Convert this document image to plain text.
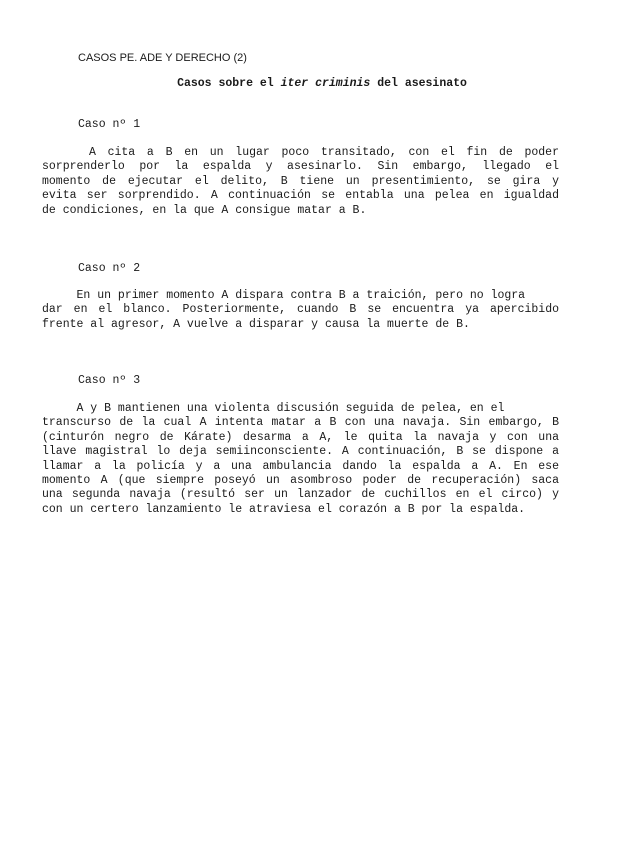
CASOS PE. ADE Y DERECHO (2)
Casos sobre el iter criminis del asesinato
Caso nº 1
A cita a B en un lugar poco transitado, con el fin de poder
sorprenderlo por la espalda y asesinarlo. Sin embargo, llegado el
momento de ejecutar el delito, B tiene un presentimiento, se gira y
evita ser sorprendido. A continuación se entabla una pelea en igualdad
de condiciones, en la que A consigue matar a B.
Caso nº 2
En un primer momento A dispara contra B a traición, pero no logra
dar en el blanco. Posteriormente, cuando B se encuentra ya apercibido
frente al agresor, A vuelve a disparar y causa la muerte de B.
Caso nº 3
A y B mantienen una violenta discusión seguida de pelea, en el
transcurso de la cual A intenta matar a B con una navaja. Sin embargo, B
(cinturón negro de Kárate) desarma a A, le quita la navaja y con una
llave magistral lo deja semiinconsciente. A continuación, B se dispone a
llamar a la policía y a una ambulancia dando la espalda a A. En ese
momento A (que siempre poseyó un asombroso poder de recuperación) saca
una segunda navaja (resultó ser un lanzador de cuchillos en el circo) y
con un certero lanzamiento le atraviesa el corazón a B por la espalda.
